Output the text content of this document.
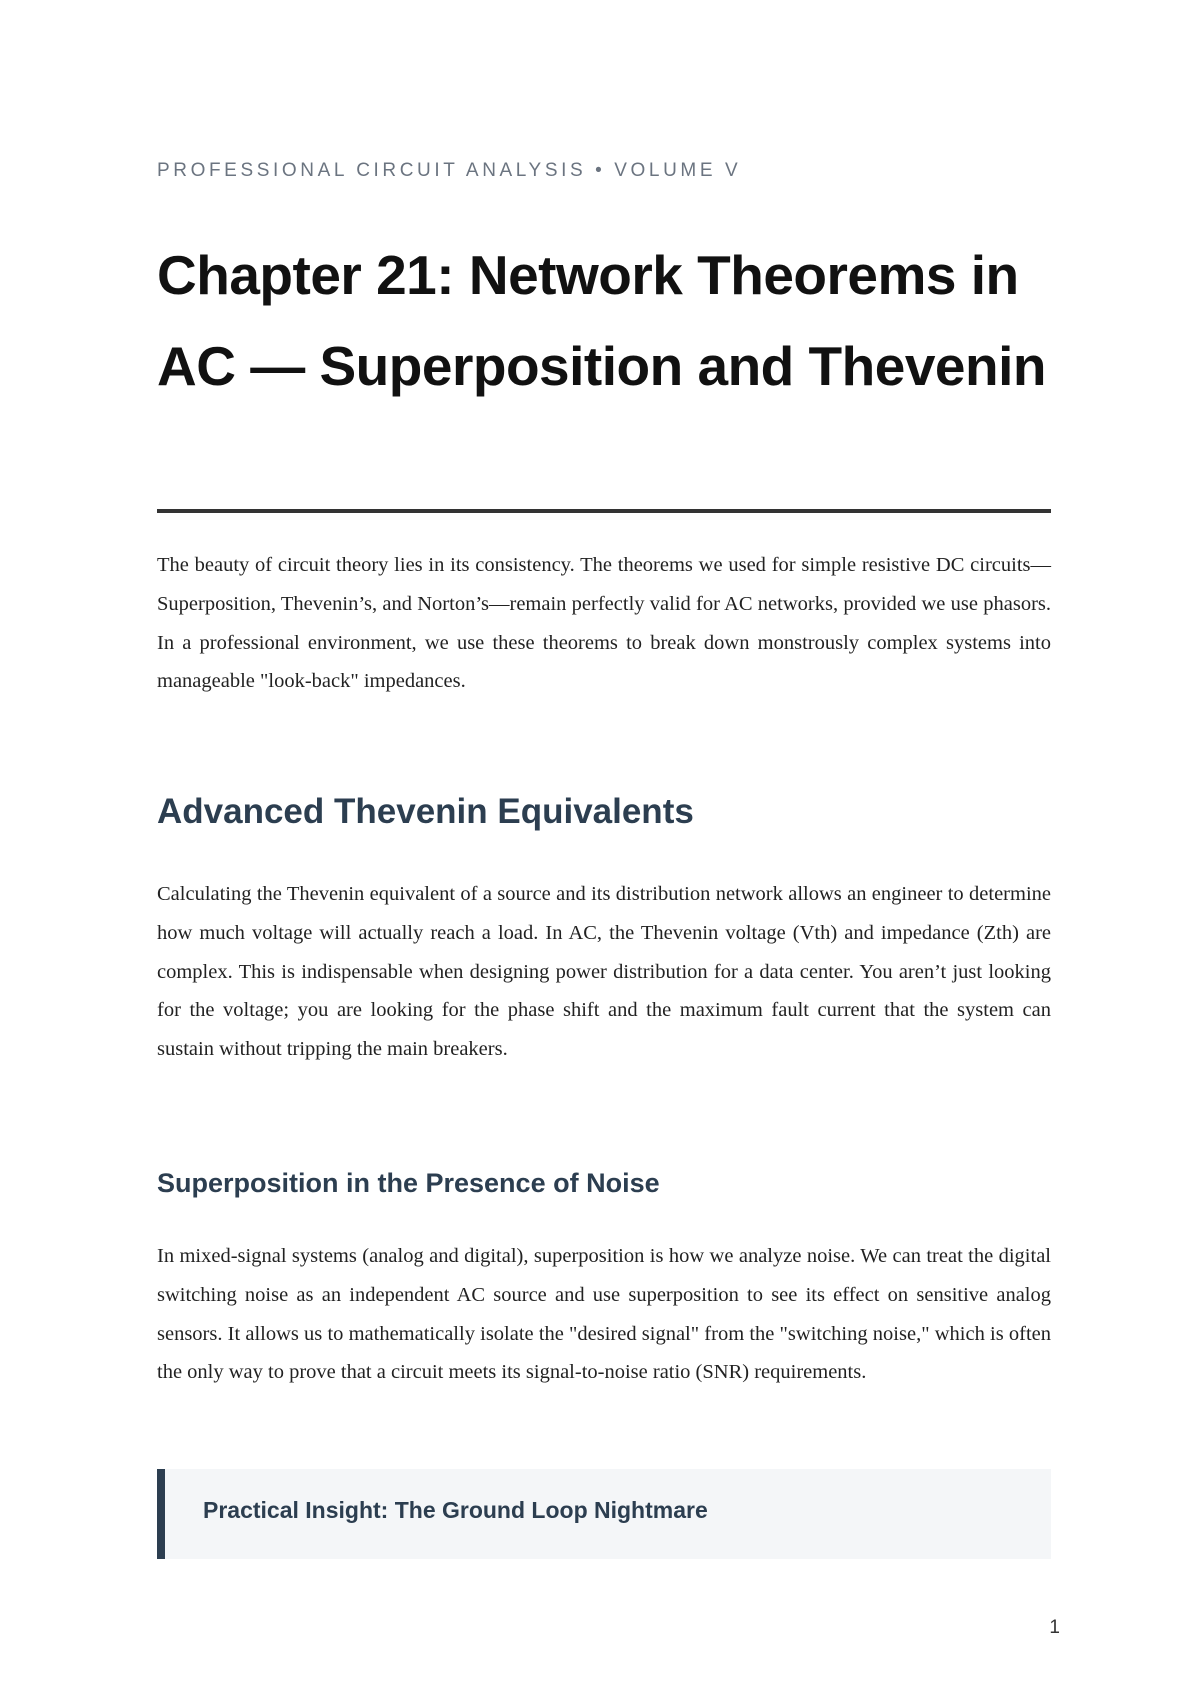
PROFESSIONAL CIRCUIT ANALYSIS • VOLUME V
Chapter 21: Network Theorems in AC — Superposition and Thevenin

The beauty of circuit theory lies in its consistency. The theorems we used for simple resistive DC circuits—Superposition, Thevenin’s, and Norton’s—remain perfectly valid for AC networks, provided we use phasors. In a professional environment, we use these theorems to break down monstrously complex systems into manageable "look-back" impedances.

Advanced Thevenin Equivalents

Calculating the Thevenin equivalent of a source and its distribution network allows an engineer to determine how much voltage will actually reach a load. In AC, the Thevenin voltage (Vth) and impedance (Zth) are complex. This is indispensable when designing power distribution for a data center. You aren’t just looking for the voltage; you are looking for the phase shift and the maximum fault current that the system can sustain without tripping the main breakers.

Superposition in the Presence of Noise

In mixed-signal systems (analog and digital), superposition is how we analyze noise. We can treat the digital switching noise as an independent AC source and use superposition to see its effect on sensitive analog sensors. It allows us to mathematically isolate the "desired signal" from the "switching noise," which is often the only way to prove that a circuit meets its signal-to-noise ratio (SNR) requirements.

Practical Insight: The Ground Loop Nightmare
1
